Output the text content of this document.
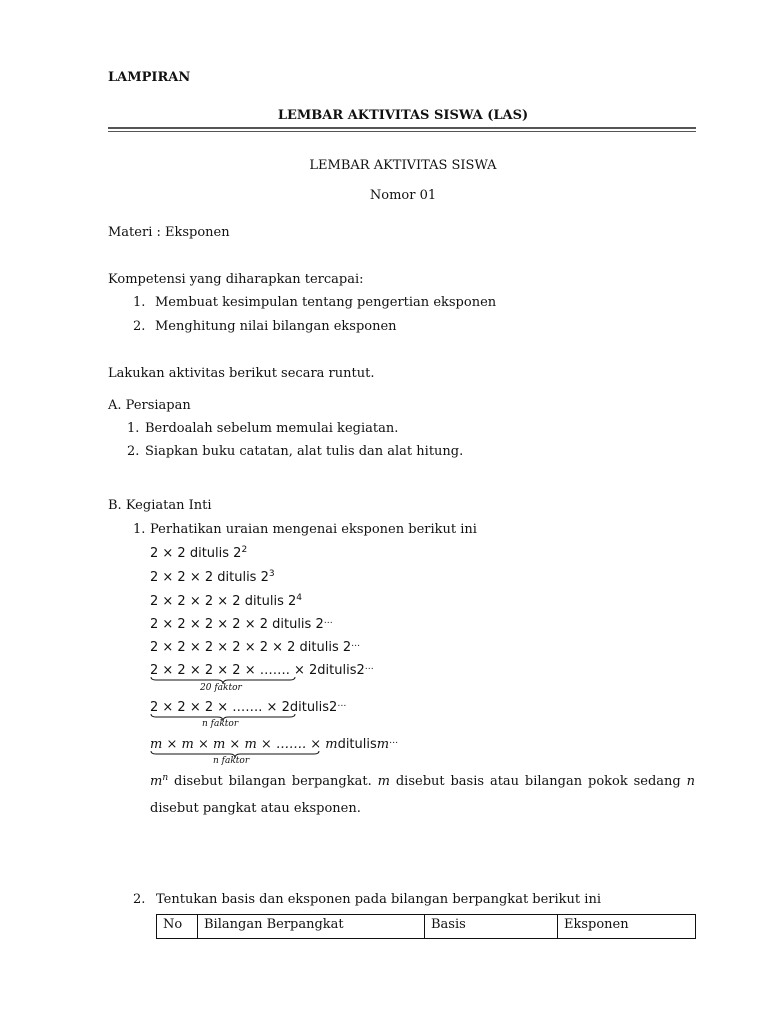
LAMPIRAN
LEMBAR AKTIVITAS SISWA (LAS)
LEMBAR AKTIVITAS SISWA
Nomor 01
Materi : Eksponen
Kompetensi yang diharapkan tercapai:
1. Membuat kesimpulan tentang pengertian eksponen
2. Menghitung nilai bilangan eksponen
Lakukan aktivitas berikut secara runtut.
A. Persiapan
1. Berdoalah sebelum memulai kegiatan.
2. Siapkan buku catatan, alat tulis dan alat hitung.
B. Kegiatan Inti
1. Perhatikan uraian mengenai eksponen berikut ini
2 × 2 ditulis $2^2$
2 × 2 × 2 ditulis $2^3$
2 × 2 × 2 × 2 ditulis $2^4$
2 × 2 × 2 × 2 × 2 ditulis 2…
2 × 2 × 2 × 2 × 2 × 2 ditulis 2…
2 × 2 × 2 × 2 × ……. × 2ditulis2…
20 faktor
2 × 2 × 2 × ……. × 2ditulis2…
n faktor
m × m × m × m × ……. × mditulism…
n faktor
$m^n$ disebut bilangan berpangkat. m disebut basis atau bilangan pokok sedang n disebut pangkat atau eksponen.
2. Tentukan basis dan eksponen pada bilangan berpangkat berikut ini
No	Bilangan Berpangkat	Basis	Eksponen
